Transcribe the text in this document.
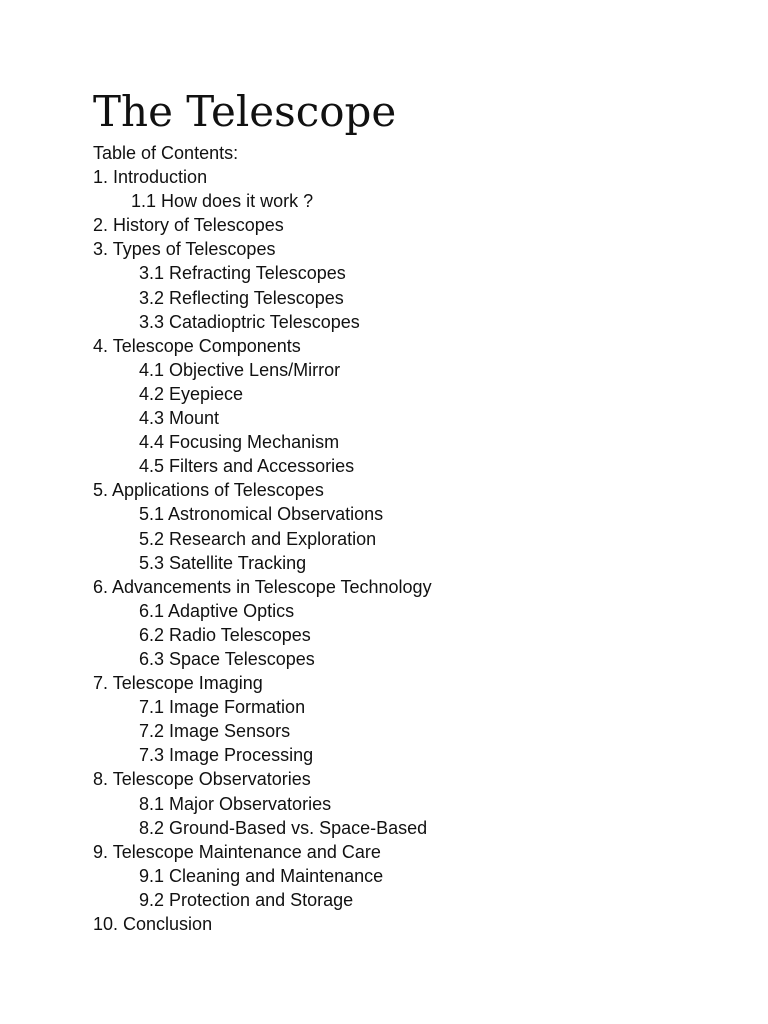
The Telescope
Table of Contents:
1. Introduction
1.1 How does it work ?
2. History of Telescopes
3. Types of Telescopes
3.1 Refracting Telescopes
3.2 Reflecting Telescopes
3.3 Catadioptric Telescopes
4. Telescope Components
4.1 Objective Lens/Mirror
4.2 Eyepiece
4.3 Mount
4.4 Focusing Mechanism
4.5 Filters and Accessories
5. Applications of Telescopes
5.1 Astronomical Observations
5.2 Research and Exploration
5.3 Satellite Tracking
6. Advancements in Telescope Technology
6.1 Adaptive Optics
6.2 Radio Telescopes
6.3 Space Telescopes
7. Telescope Imaging
7.1 Image Formation
7.2 Image Sensors
7.3 Image Processing
8. Telescope Observatories
8.1 Major Observatories
8.2 Ground-Based vs. Space-Based
9. Telescope Maintenance and Care
9.1 Cleaning and Maintenance
9.2 Protection and Storage
10. Conclusion
